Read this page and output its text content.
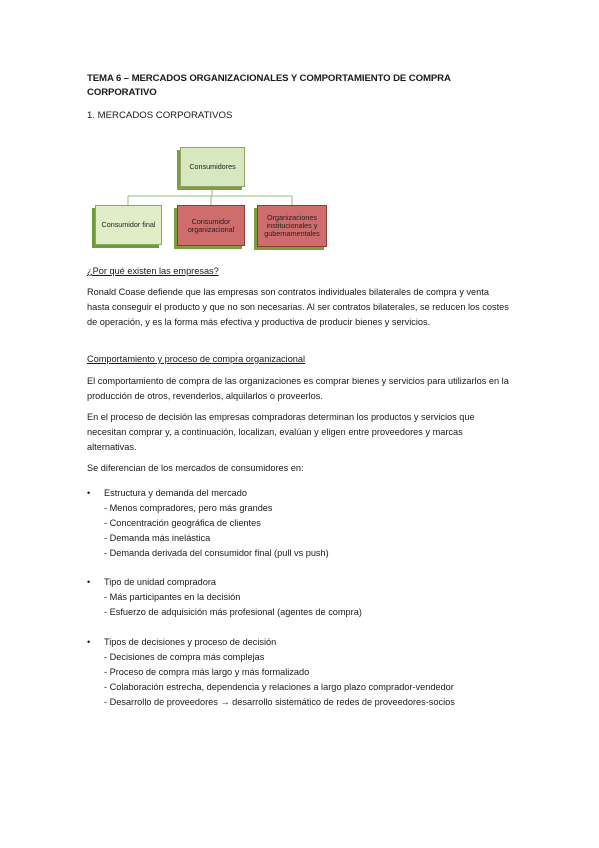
TEMA 6 – MERCADOS ORGANIZACIONALES Y COMPORTAMIENTO DE COMPRA CORPORATIVO
1. MERCADOS CORPORATIVOS
Consumidores
Consumidor final	Consumidor organizacional
Organizaciones institucionales y gubernamentales
¿Por qué existen las empresas?
Ronald Coase defiende que las empresas son contratos individuales bilaterales de compra y venta hasta conseguir el producto y que no son necesarias. Al ser contratos bilaterales, se reducen los costes de operación, y es la forma más efectiva y productiva de producir bienes y servicios.
Comportamiento y proceso de compra organizacional
El comportamiento de compra de las organizaciones es comprar bienes y servicios para utilizarlos en la producción de otros, revenderlos, alquilarlos o proveerlos.
En el proceso de decisión las empresas compradoras determinan los productos y servicios que necesitan comprar y, a continuación, localizan, evalúan y eligen entre proveedores y marcas alternativas.
Se diferencian de los mercados de consumidores en:
• Estructura y demanda del mercado
- Menos compradores, pero más grandes
- Concentración geográfica de clientes
- Demanda más inelástica
- Demanda derivada del consumidor final (pull vs push)
• Tipo de unidad compradora
- Más participantes en la decisión
- Esfuerzo de adquisición más profesional (agentes de compra)
• Tipos de decisiones y proceso de decisión
- Decisiones de compra más complejas
- Proceso de compra más largo y más formalizado
- Colaboración estrecha, dependencia y relaciones a largo plazo comprador-vendedor
- Desarrollo de proveedores → desarrollo sistemático de redes de proveedores-socios
